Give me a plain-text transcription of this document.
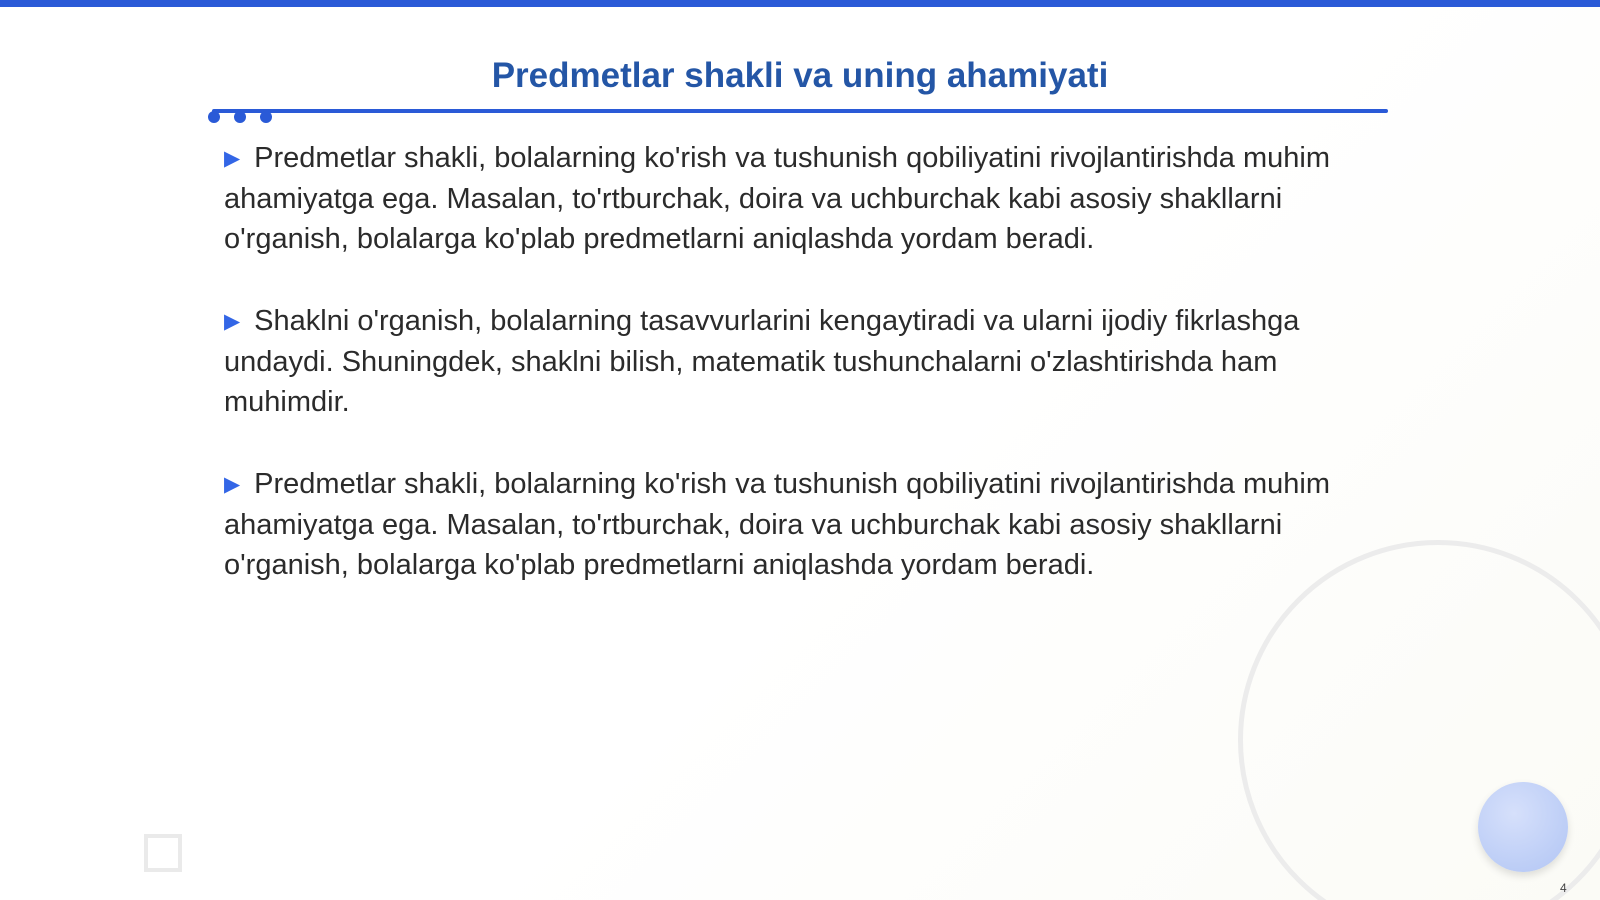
Predmetlar shakli va uning ahamiyati

▶ Predmetlar shakli, bolalarning ko'rish va tushunish qobiliyatini rivojlantirishda muhim ahamiyatga ega. Masalan, to'rtburchak, doira va uchburchak kabi asosiy shakllarni o'rganish, bolalarga ko'plab predmetlarni aniqlashda yordam beradi.

▶ Shaklni o'rganish, bolalarning tasavvurlarini kengaytiradi va ularni ijodiy fikrlashga undaydi. Shuningdek, shaklni bilish, matematik tushunchalarni o'zlashtirishda ham muhimdir.

▶ Predmetlar shakli, bolalarning ko'rish va tushunish qobiliyatini rivojlantirishda muhim ahamiyatga ega. Masalan, to'rtburchak, doira va uchburchak kabi asosiy shakllarni o'rganish, bolalarga ko'plab predmetlarni aniqlashda yordam beradi.

4
